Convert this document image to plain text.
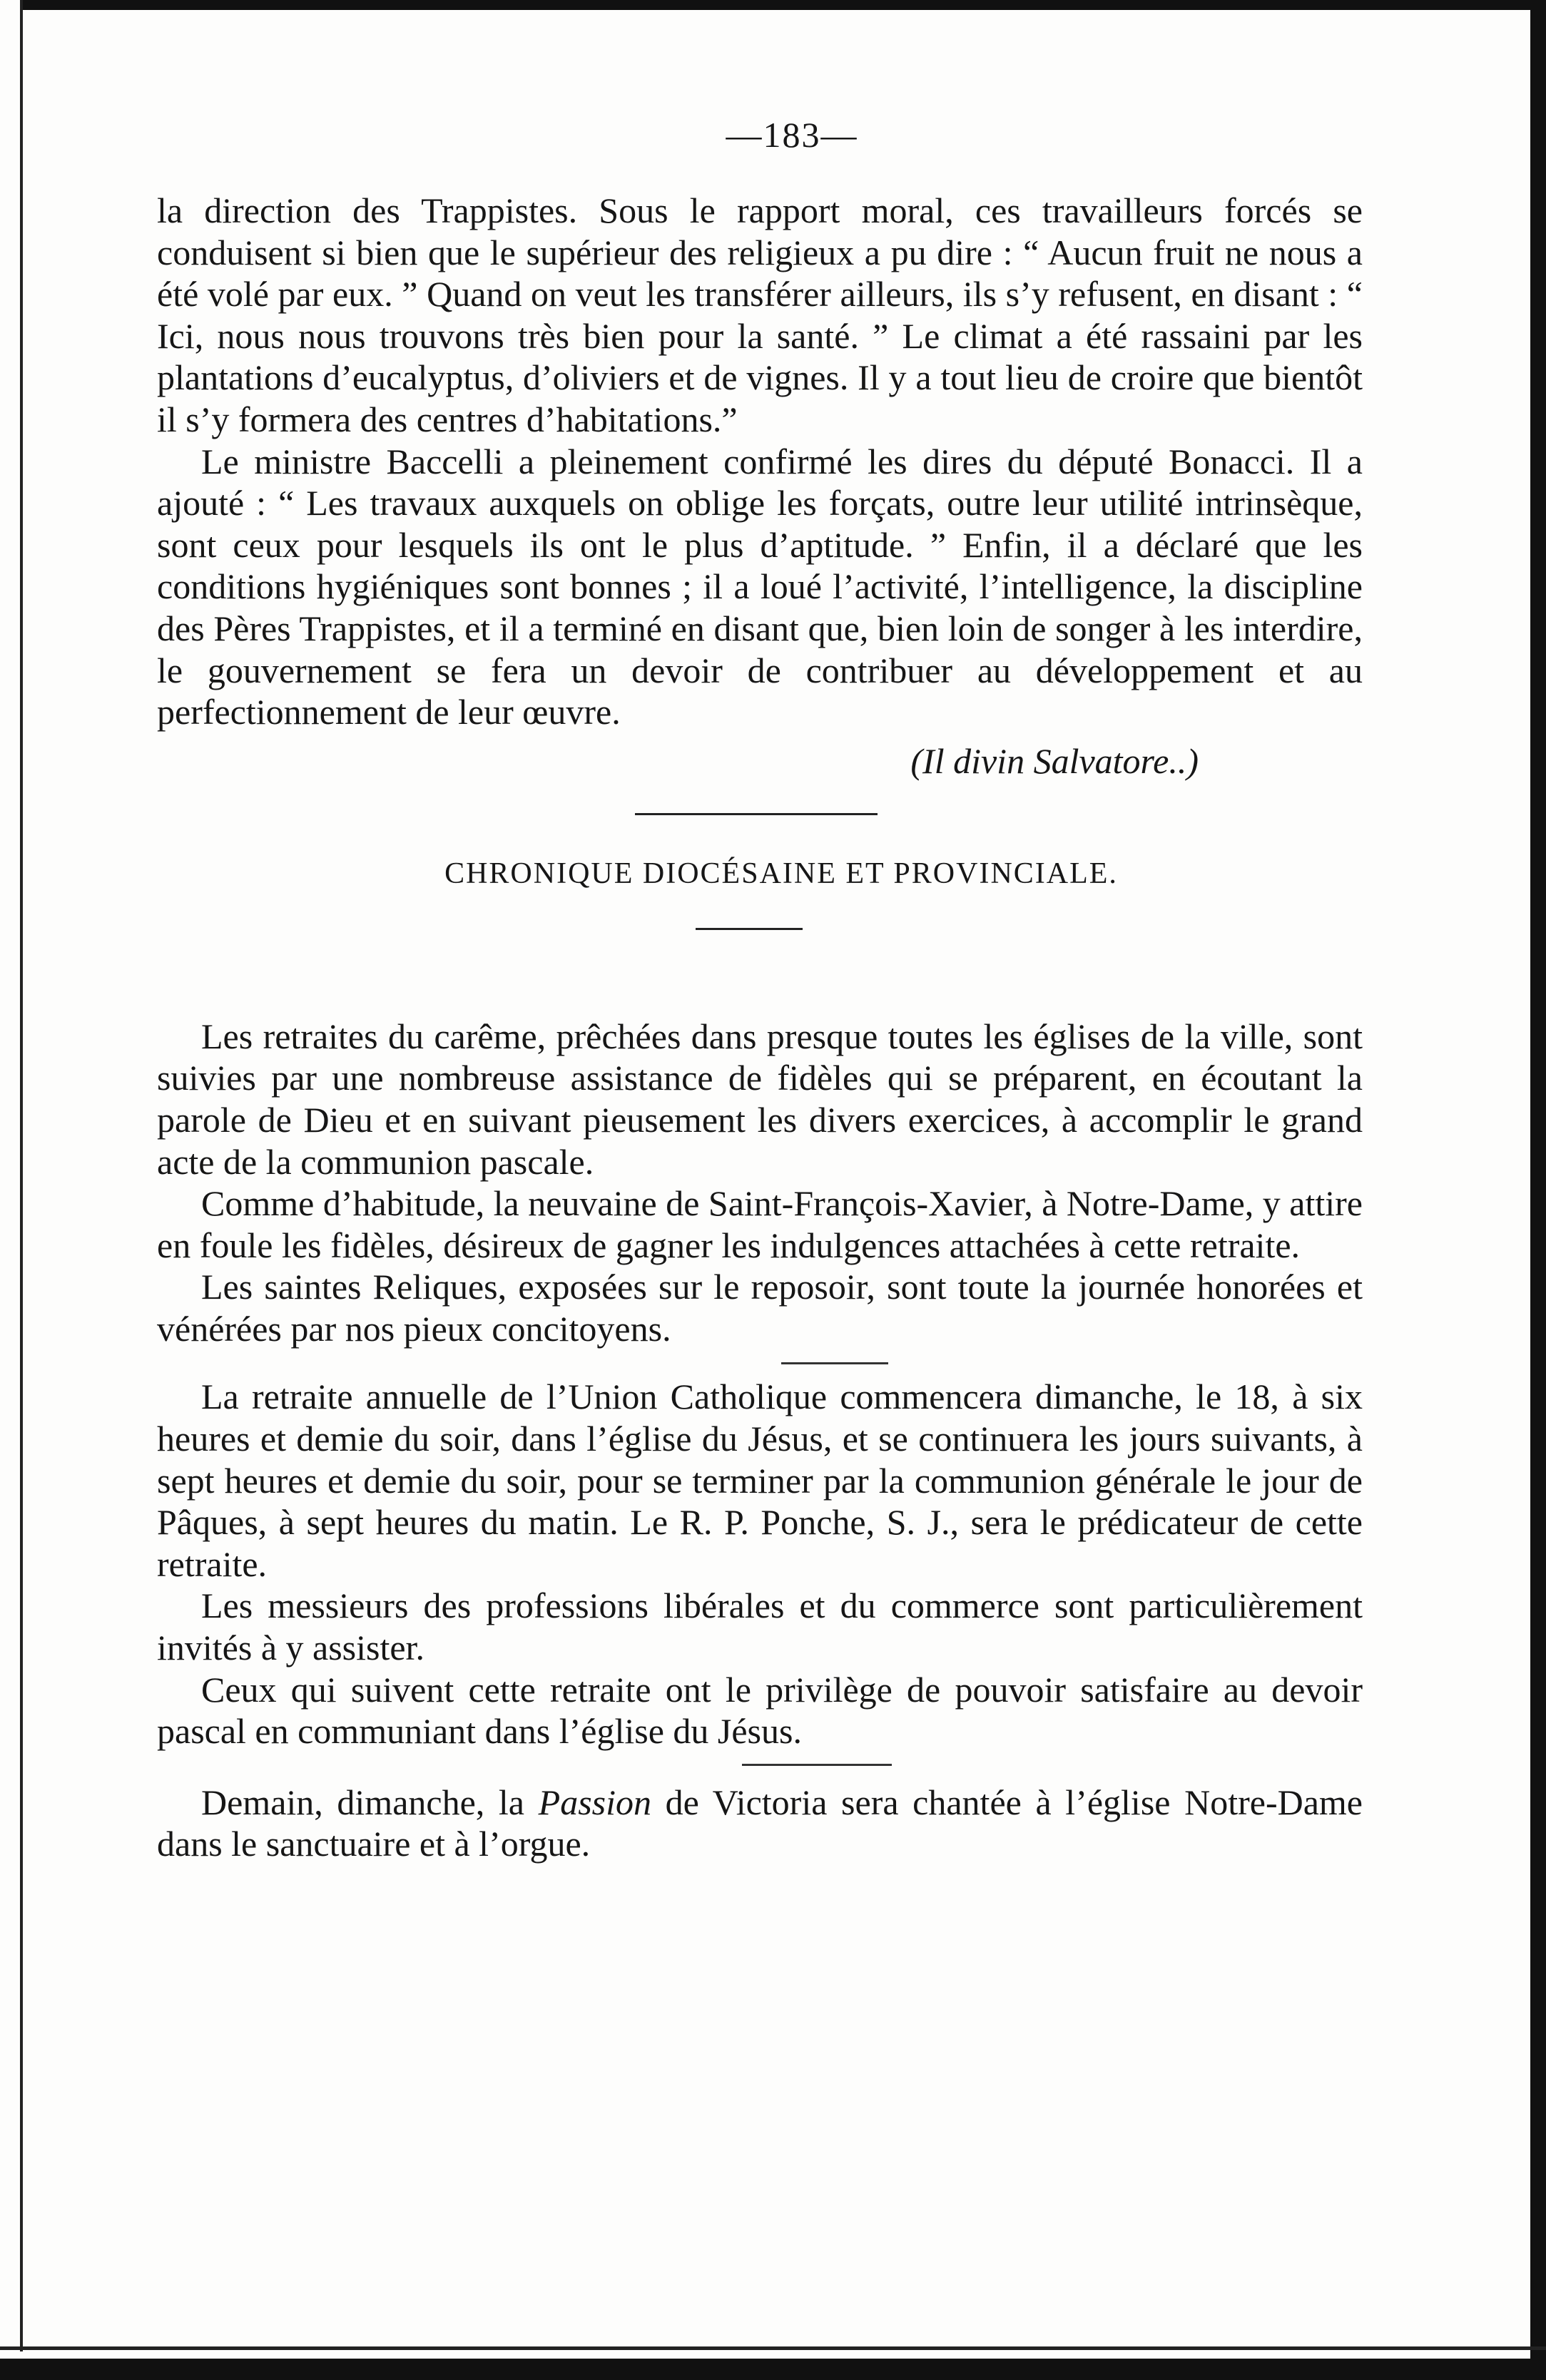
—183—

la direction des Trappistes. Sous le rapport moral, ces travailleurs forcés se conduisent si bien que le supérieur des religieux a pu dire : “ Aucun fruit ne nous a été volé par eux. ” Quand on veut les transférer ailleurs, ils s’y refusent, en disant : “ Ici, nous nous trouvons très bien pour la santé. ” Le climat a été rassaini par les plantations d’eucalyptus, d’oliviers et de vignes. Il y a tout lieu de croire que bientôt il s’y formera des centres d’habitations.”

Le ministre Baccelli a pleinement confirmé les dires du député Bonacci. Il a ajouté : “ Les travaux auxquels on oblige les forçats, outre leur utilité intrinsèque, sont ceux pour lesquels ils ont le plus d’aptitude. ” Enfin, il a déclaré que les conditions hygiéniques sont bonnes ; il a loué l’activité, l’intelligence, la discipline des Pères Trappistes, et il a terminé en disant que, bien loin de songer à les interdire, le gouvernement se fera un devoir de contribuer au développement et au perfectionnement de leur œuvre.

(Il divin Salvatore..)
CHRONIQUE DIOCÉSAINE ET PROVINCIALE.

Les retraites du carême, prêchées dans presque toutes les églises de la ville, sont suivies par une nombreuse assistance de fidèles qui se préparent, en écoutant la parole de Dieu et en suivant pieusement les divers exercices, à accomplir le grand acte de la communion pascale.

Comme d’habitude, la neuvaine de Saint-François-Xavier, à Notre-Dame, y attire en foule les fidèles, désireux de gagner les indulgences attachées à cette retraite.

Les saintes Reliques, exposées sur le reposoir, sont toute la journée honorées et vénérées par nos pieux concitoyens.

La retraite annuelle de l’Union Catholique commencera dimanche, le 18, à six heures et demie du soir, dans l’église du Jésus, et se continuera les jours suivants, à sept heures et demie du soir, pour se terminer par la communion générale le jour de Pâques, à sept heures du matin. Le R. P. Ponche, S. J., sera le prédicateur de cette retraite.

Les messieurs des professions libérales et du commerce sont particulièrement invités à y assister.

Ceux qui suivent cette retraite ont le privilège de pouvoir satisfaire au devoir pascal en communiant dans l’église du Jésus.

Demain, dimanche, la Passion de Victoria sera chantée à l’église Notre-Dame dans le sanctuaire et à l’orgue.
